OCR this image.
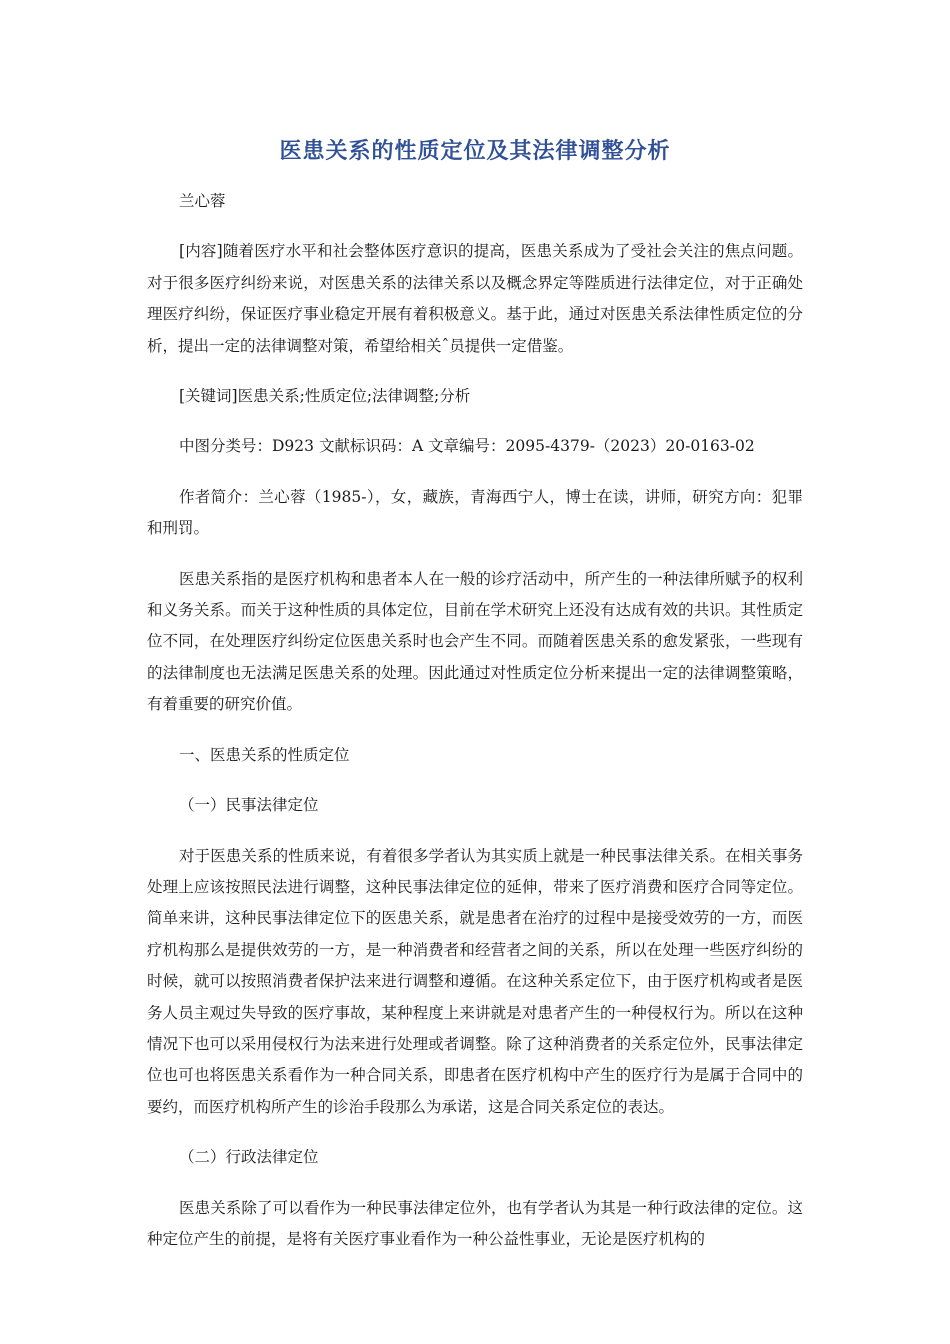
医患关系的性质定位及其法律调整分析
兰心蓉
[内容]随着医疗水平和社会整体医疗意识的提高，医患关系成为了受社会关注的焦点问题。对于很多医疗纠纷来说，对医患关系的法律关系以及概念界定等陛质进行法律定位，对于正确处理医疗纠纷，保证医疗事业稳定开展有着积极意义。基于此，通过对医患关系法律性质定位的分析，提出一定的法律调整对策，希望给相关ˆ员提供一定借鉴。
[关键词]医患关系;性质定位;法律调整;分析
中图分类号：D923 文献标识码：A 文章编号：2095-4379-（2023）20-0163-02
作者简介：兰心蓉（1985-），女，藏族，青海西宁人，博士在读，讲师，研究方向：犯罪和刑罚。
医患关系指的是医疗机构和患者本人在一般的诊疗活动中，所产生的一种法律所赋予的权利和义务关系。而关于这种性质的具体定位，目前在学术研究上还没有达成有效的共识。其性质定位不同，在处理医疗纠纷定位医患关系时也会产生不同。而随着医患关系的愈发紧张，一些现有的法律制度也无法满足医患关系的处理。因此通过对性质定位分析来提出一定的法律调整策略，有着重要的研究价值。
一、医患关系的性质定位
（一）民事法律定位
对于医患关系的性质来说，有着很多学者认为其实质上就是一种民事法律关系。在相关事务处理上应该按照民法进行调整，这种民事法律定位的延伸，带来了医疗消费和医疗合同等定位。简单来讲，这种民事法律定位下的医患关系，就是患者在治疗的过程中是接受效劳的一方，而医疗机构那么是提供效劳的一方，是一种消费者和经营者之间的关系，所以在处理一些医疗纠纷的时候，就可以按照消费者保护法来进行调整和遵循。在这种关系定位下，由于医疗机构或者是医务人员主观过失导致的医疗事故，某种程度上来讲就是对患者产生的一种侵权行为。所以在这种情况下也可以采用侵权行为法来进行处理或者调整。除了这种消费者的关系定位外，民事法律定位也可也将医患关系看作为一种合同关系，即患者在医疗机构中产生的医疗行为是属于合同中的要约，而医疗机构所产生的诊治手段那么为承诺，这是合同关系定位的表达。
（二）行政法律定位
医患关系除了可以看作为一种民事法律定位外，也有学者认为其是一种行政法律的定位。这种定位产生的前提，是将有关医疗事业看作为一种公益性事业，无论是医疗机构的
